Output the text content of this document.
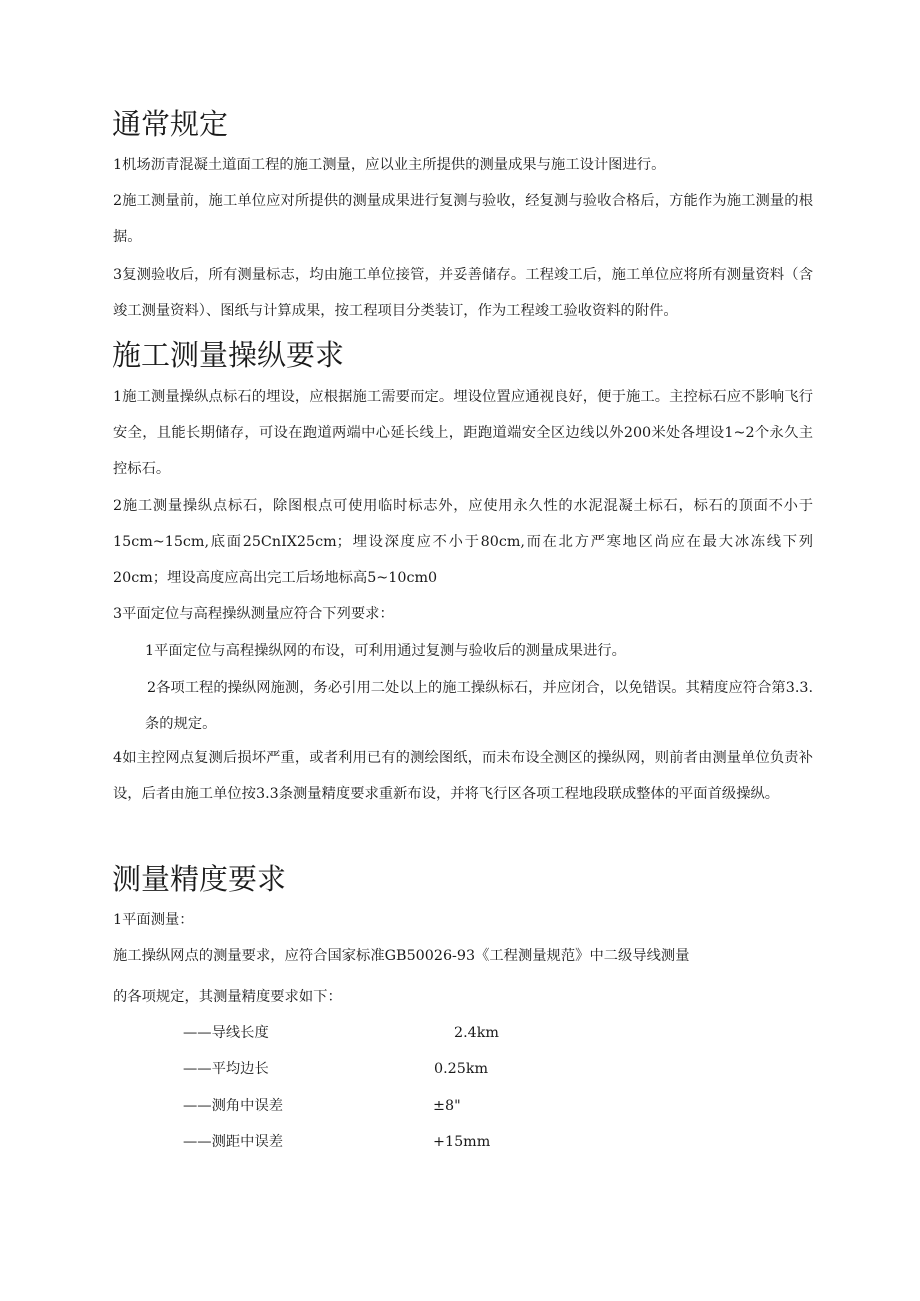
通常规定

1机场沥青混凝土道面工程的施工测量，应以业主所提供的测量成果与施工设计图进行。

2施工测量前，施工单位应对所提供的测量成果进行复测与验收，经复测与验收合格后，方能作为施工测量的根据。

3复测验收后，所有测量标志，均由施工单位接管，并妥善储存。工程竣工后，施工单位应将所有测量资料（含竣工测量资料）、图纸与计算成果，按工程项目分类装订，作为工程竣工验收资料的附件。

施工测量操纵要求

1施工测量操纵点标石的埋设，应根据施工需要而定。埋设位置应通视良好，便于施工。主控标石应不影响飞行安全，且能长期储存，可设在跑道两端中心延长线上，距跑道端安全区边线以外200米处各埋设1~2个永久主控标石。

2施工测量操纵点标石，除图根点可使用临时标志外，应使用永久性的水泥混凝土标石，标石的顶面不小于15cm~15cm,底面25CnIX25cm；埋设深度应不小于80cm,而在北方严寒地区尚应在最大冰冻线下列20cm；埋设高度应高出完工后场地标高5~10cm0

3平面定位与高程操纵测量应符合下列要求：

1平面定位与高程操纵网的布设，可利用通过复测与验收后的测量成果进行。

2各项工程的操纵网施测，务必引用二处以上的施工操纵标石，并应闭合，以免错误。其精度应符合第3.3.条的规定。

4如主控网点复测后损坏严重，或者利用已有的测绘图纸，而未布设全测区的操纵网，则前者由测量单位负责补设，后者由施工单位按3.3条测量精度要求重新布设，并将飞行区各项工程地段联成整体的平面首级操纵。

测量精度要求

1平面测量：

施工操纵网点的测量要求，应符合国家标准GB50026-93《工程测量规范》中二级导线测量

的各项规定，其测量精度要求如下：

——导线长度	2.4km
——平均边长	0.25km
——测角中误差	±8"
——测距中误差	+15mm
